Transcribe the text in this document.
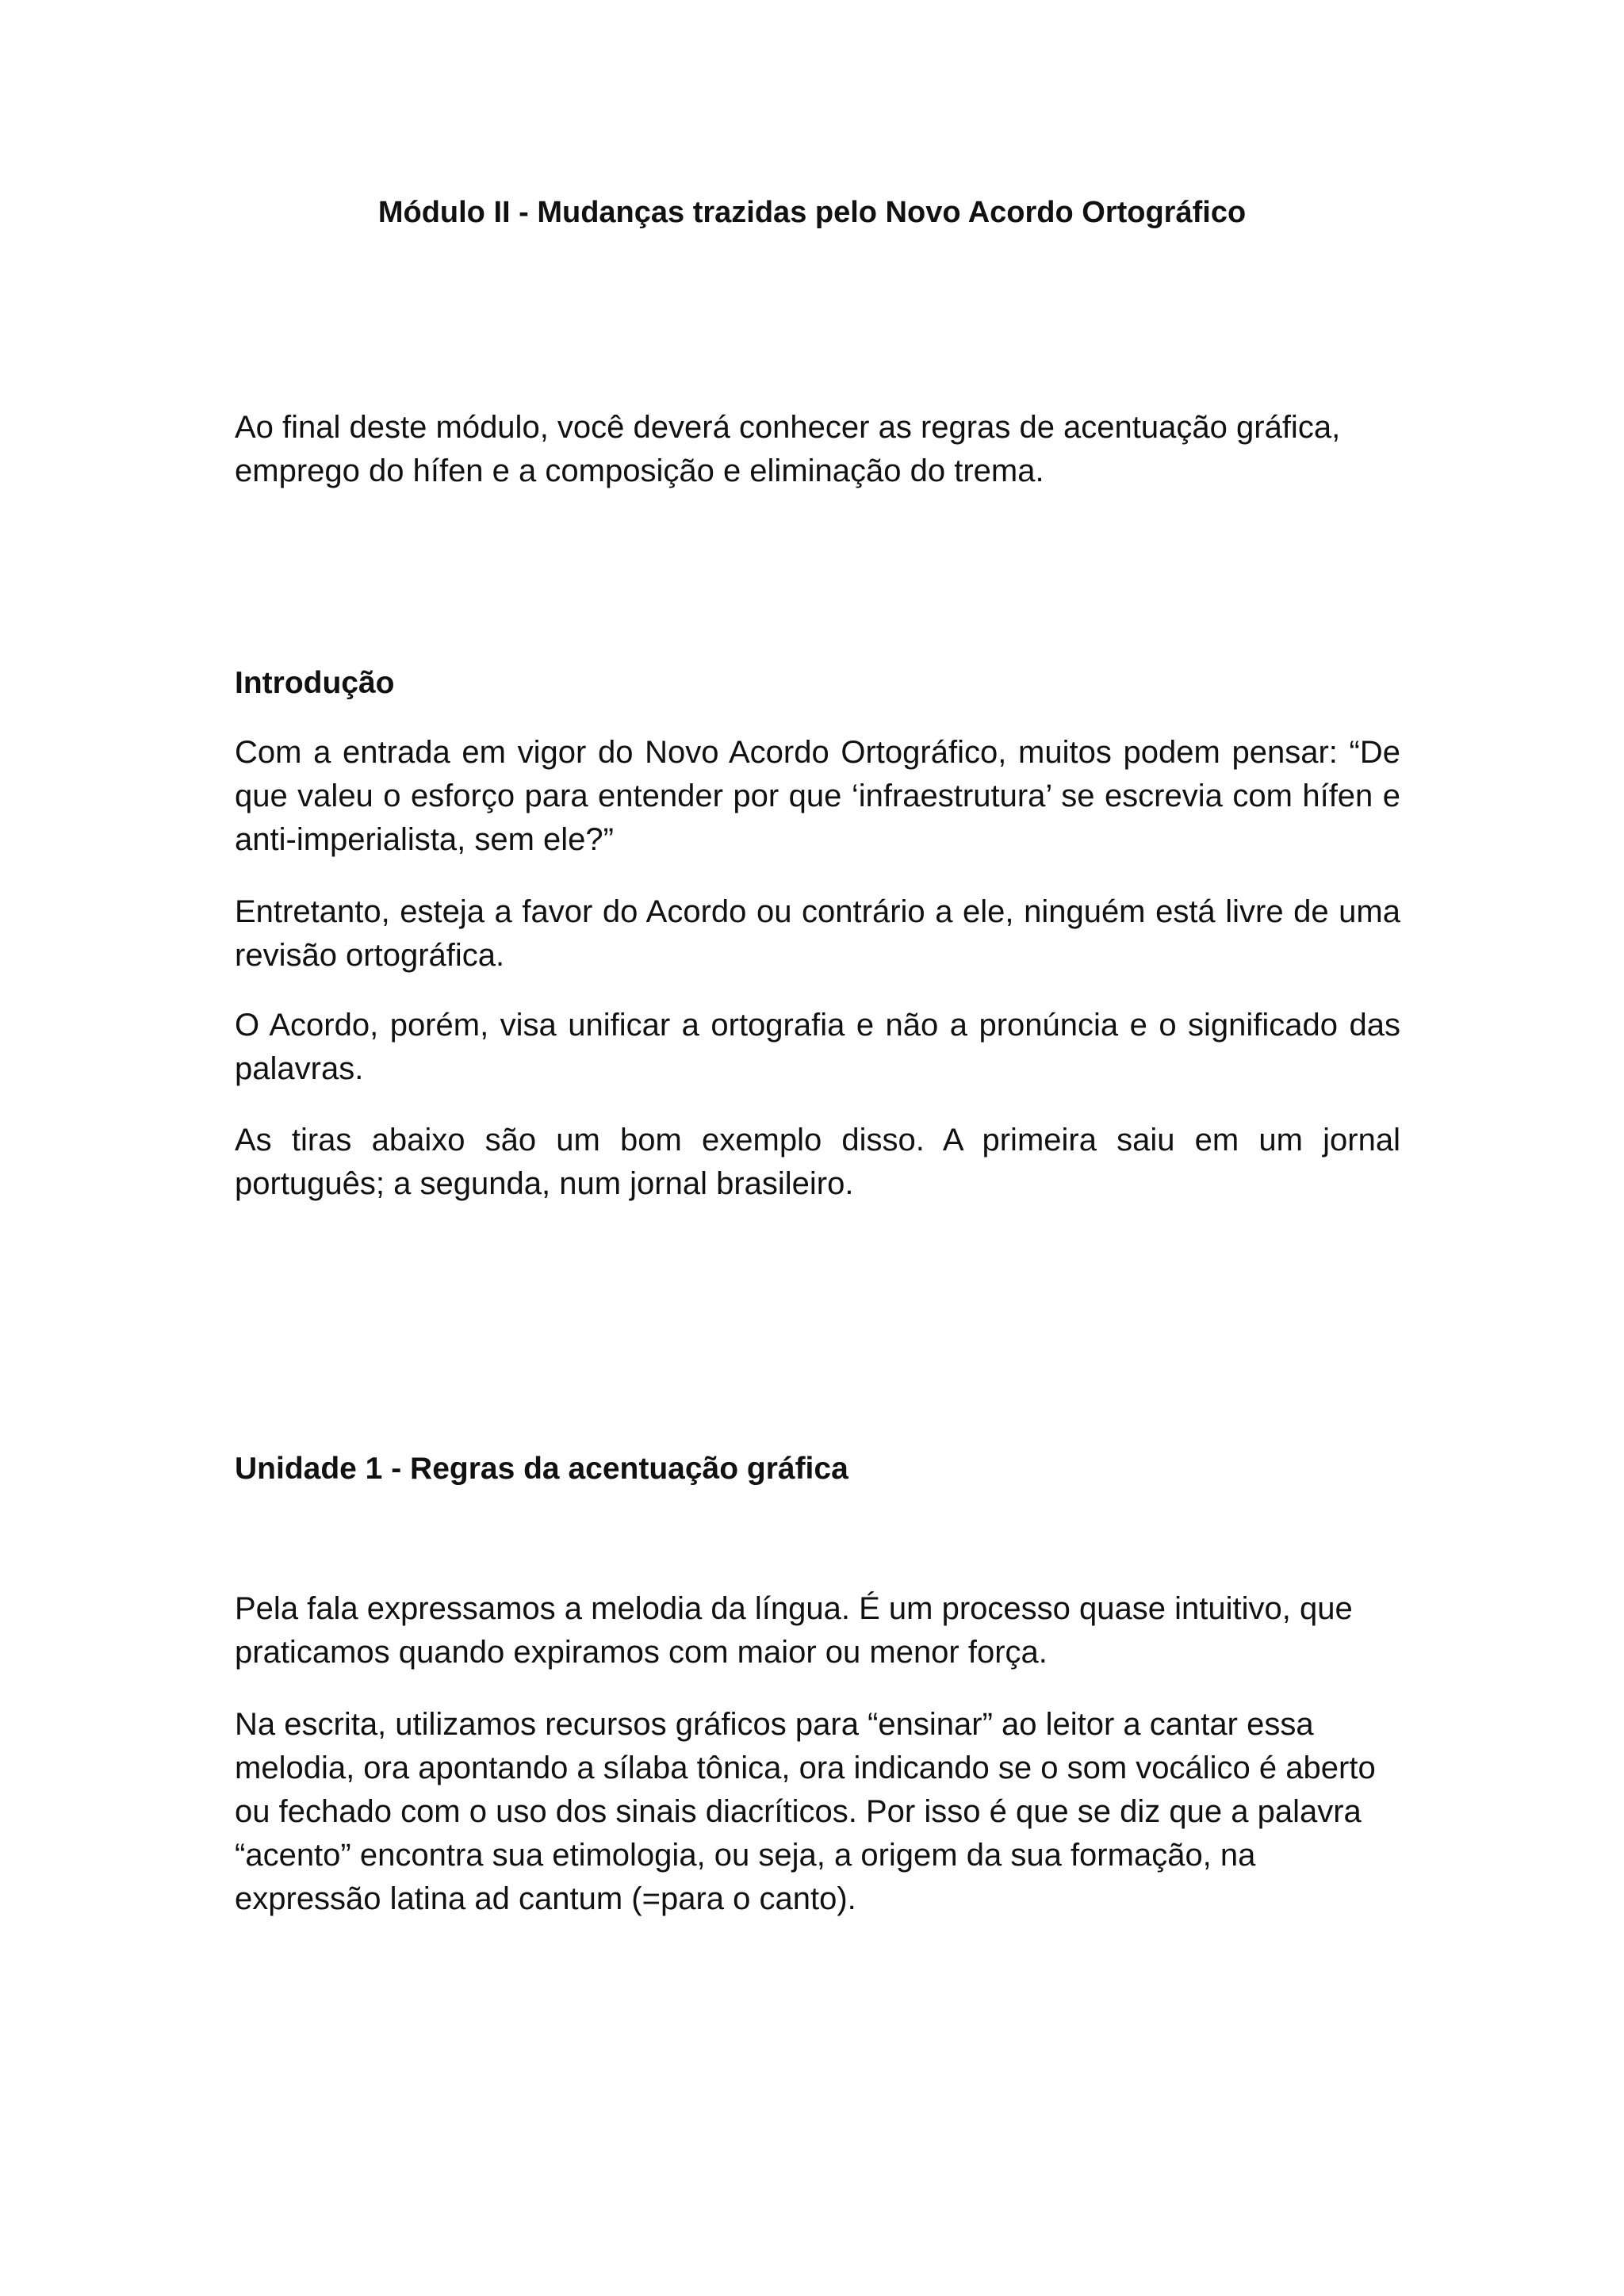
Módulo II - Mudanças trazidas pelo Novo Acordo Ortográfico

Ao final deste módulo, você deverá conhecer as regras de acentuação gráfica, emprego do hífen e a composição e eliminação do trema.

Introdução

Com a entrada em vigor do Novo Acordo Ortográfico, muitos podem pensar: “De que valeu o esforço para entender por que ‘infraestrutura’ se escrevia com hífen e anti-imperialista, sem ele?”

Entretanto, esteja a favor do Acordo ou contrário a ele, ninguém está livre de uma revisão ortográfica.

O Acordo, porém, visa unificar a ortografia e não a pronúncia e o significado das palavras.

As tiras abaixo são um bom exemplo disso. A primeira saiu em um jornal português; a segunda, num jornal brasileiro.

Unidade 1 - Regras da acentuação gráfica

Pela fala expressamos a melodia da língua. É um processo quase intuitivo, que praticamos quando expiramos com maior ou menor força.

Na escrita, utilizamos recursos gráficos para “ensinar” ao leitor a cantar essa melodia, ora apontando a sílaba tônica, ora indicando se o som vocálico é aberto ou fechado com o uso dos sinais diacríticos. Por isso é que se diz que a palavra “acento” encontra sua etimologia, ou seja, a origem da sua formação, na expressão latina ad cantum (=para o canto).
